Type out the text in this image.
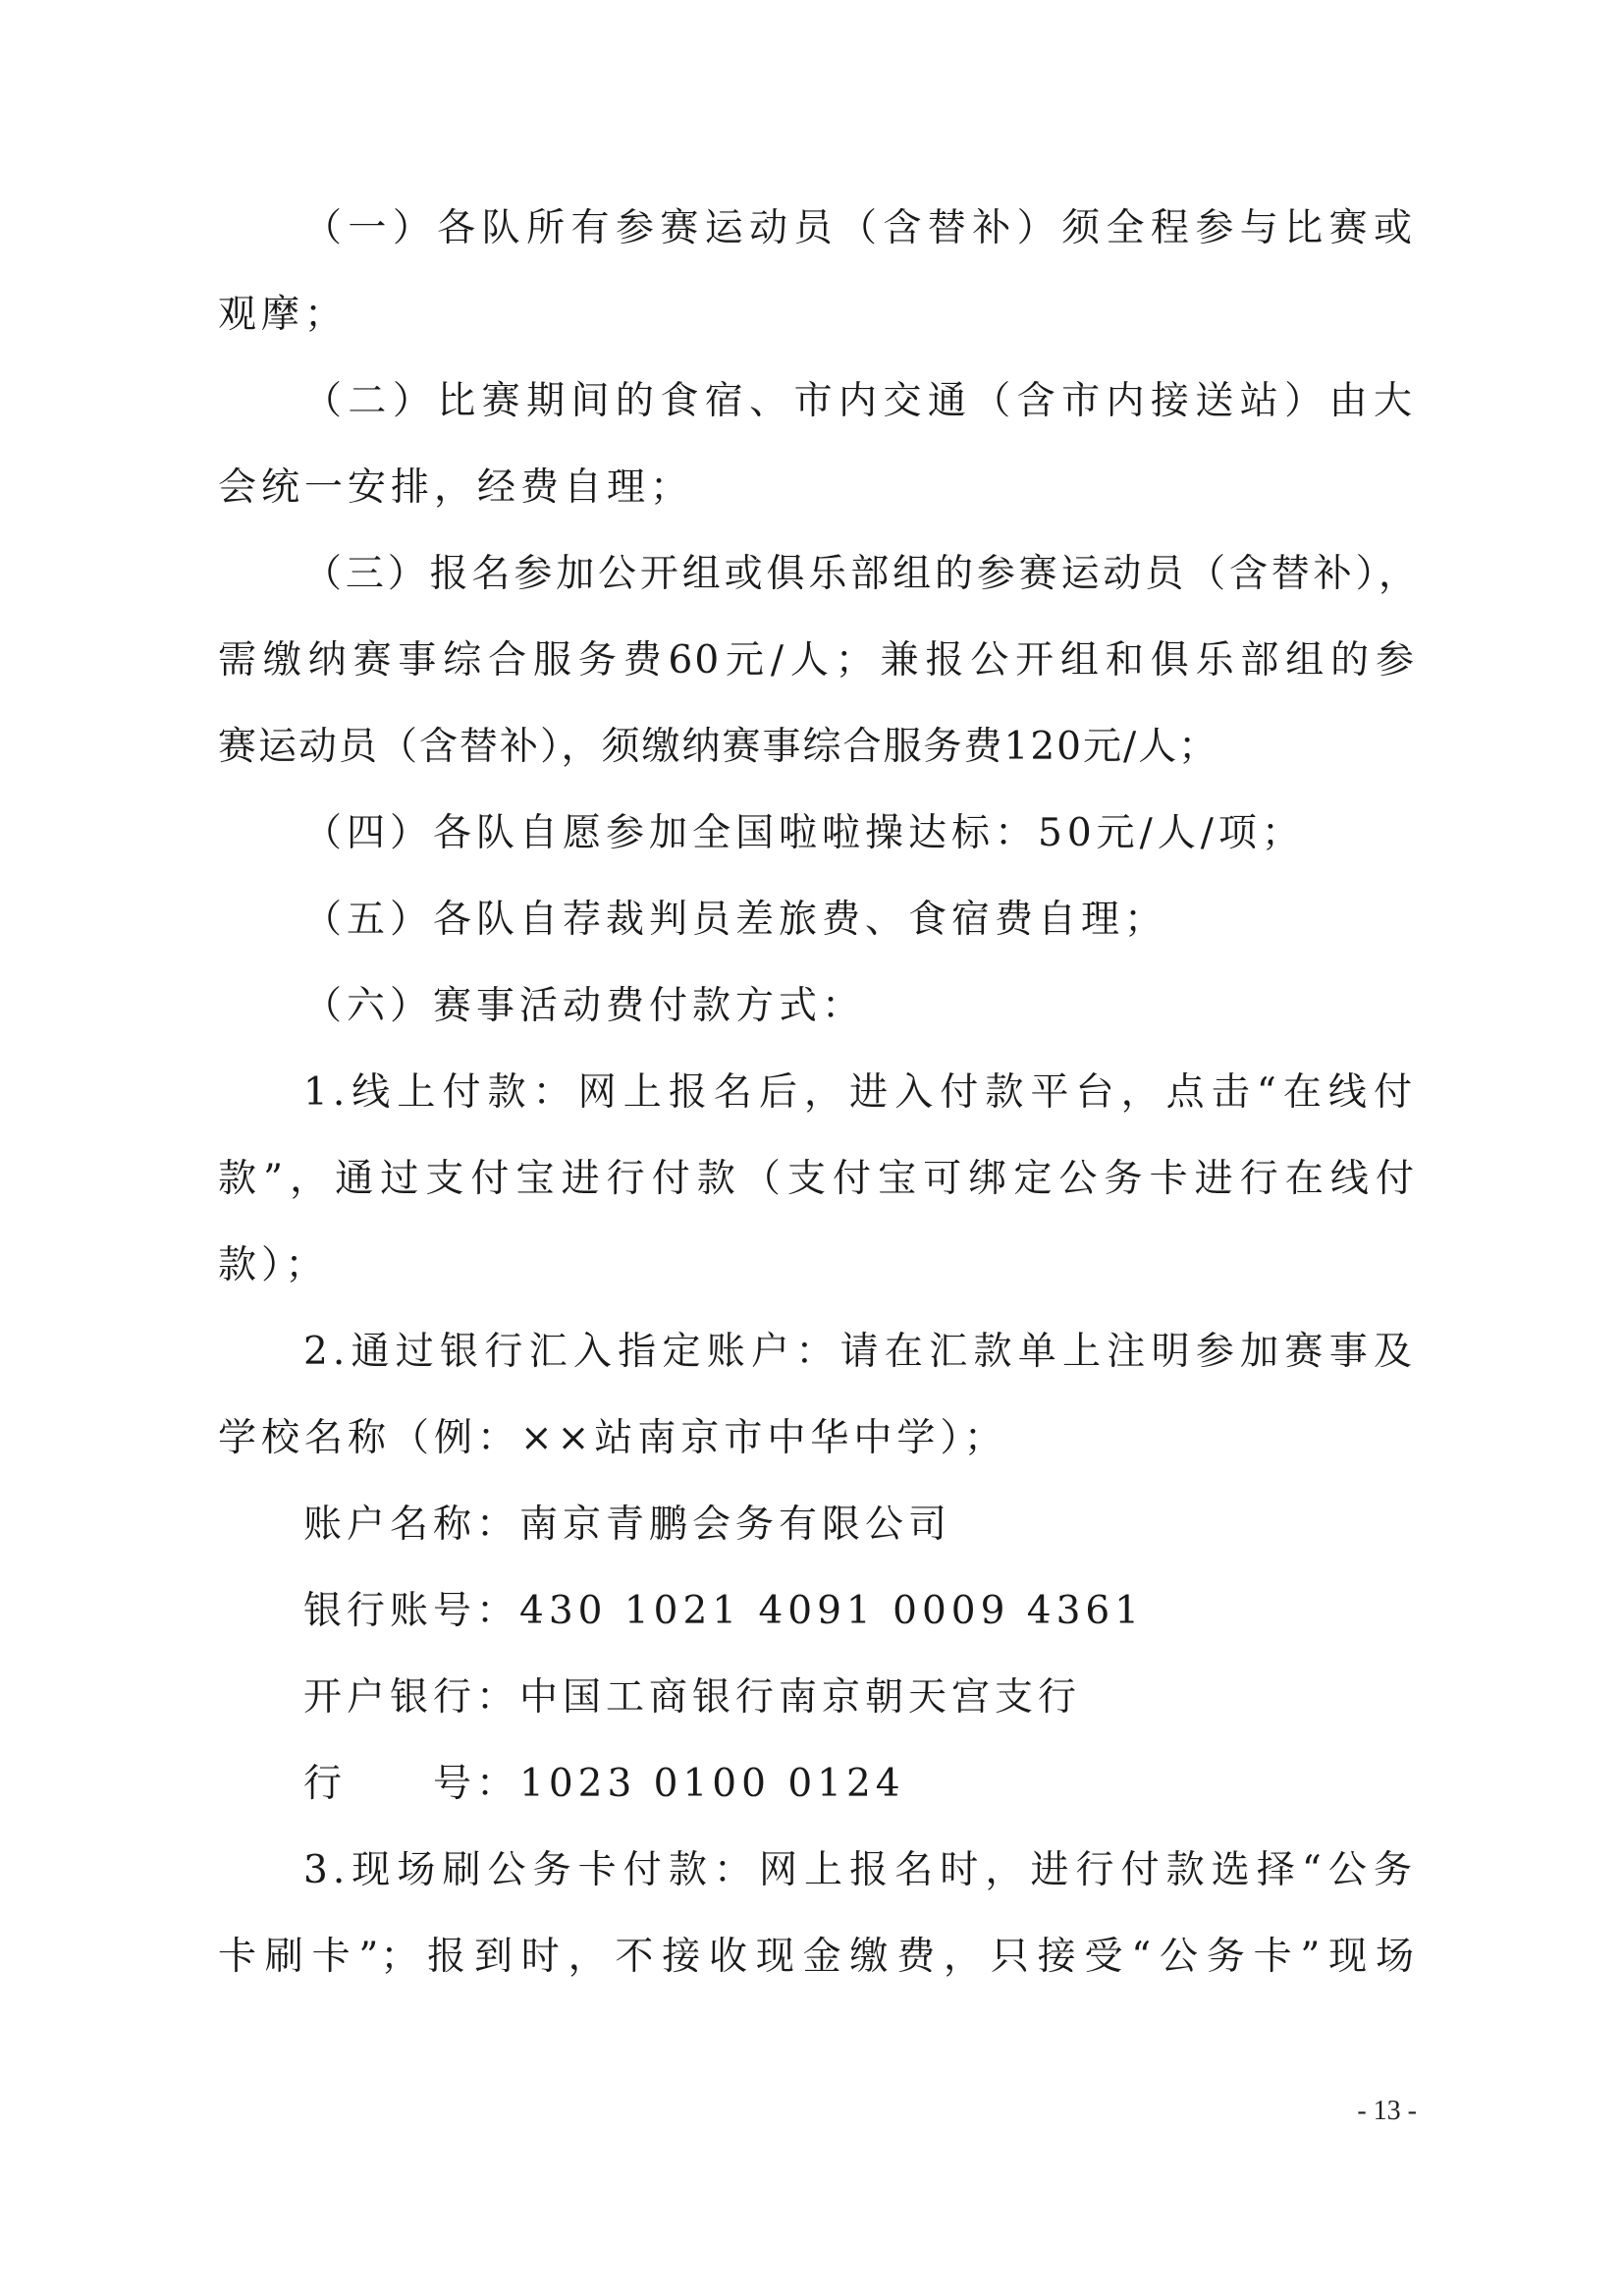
（一）各队所有参赛运动员（含替补）须全程参与比赛或
观摩；
（二）比赛期间的食宿、市内交通（含市内接送站）由大
会统一安排，经费自理；
（三）报名参加公开组或俱乐部组的参赛运动员（含替补），
需缴纳赛事综合服务费60元/人；兼报公开组和俱乐部组的参
赛运动员（含替补），须缴纳赛事综合服务费120元/人；
（四）各队自愿参加全国啦啦操达标：50元/人/项；
（五）各队自荐裁判员差旅费、食宿费自理；
（六）赛事活动费付款方式：
1.线上付款：网上报名后，进入付款平台，点击“在线付
款”，通过支付宝进行付款（支付宝可绑定公务卡进行在线付
款）；
2.通过银行汇入指定账户：请在汇款单上注明参加赛事及
学校名称（例：××站南京市中华中学）；
账户名称：南京青鹏会务有限公司
银行账号：430 1021 4091 0009 4361
开户银行：中国工商银行南京朝天宫支行
行　　号：1023 0100 0124
3.现场刷公务卡付款：网上报名时，进行付款选择“公务
卡刷卡”；报到时，不接收现金缴费，只接受“公务卡”现场
- 13 -
